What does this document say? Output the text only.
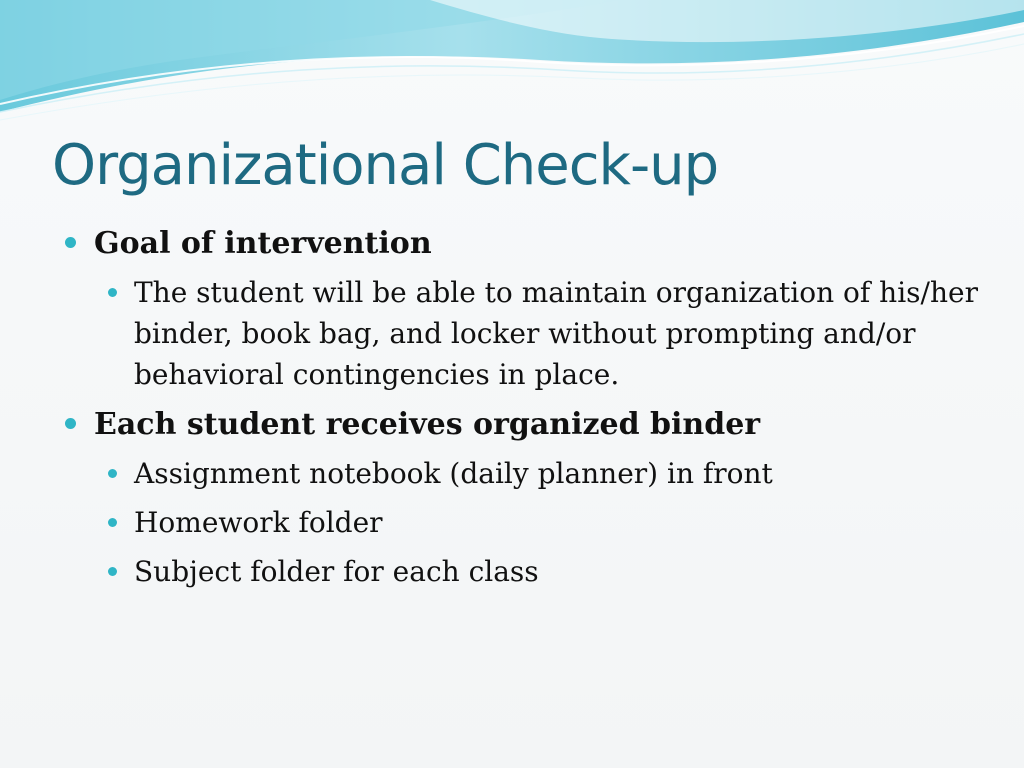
Organizational Check-up

Goal of intervention

The student will be able to maintain organization of his/her binder, book bag, and locker without prompting and/or behavioral contingencies in place.

Each student receives organized binder

Assignment notebook (daily planner) in front

Homework folder

Subject folder for each class
